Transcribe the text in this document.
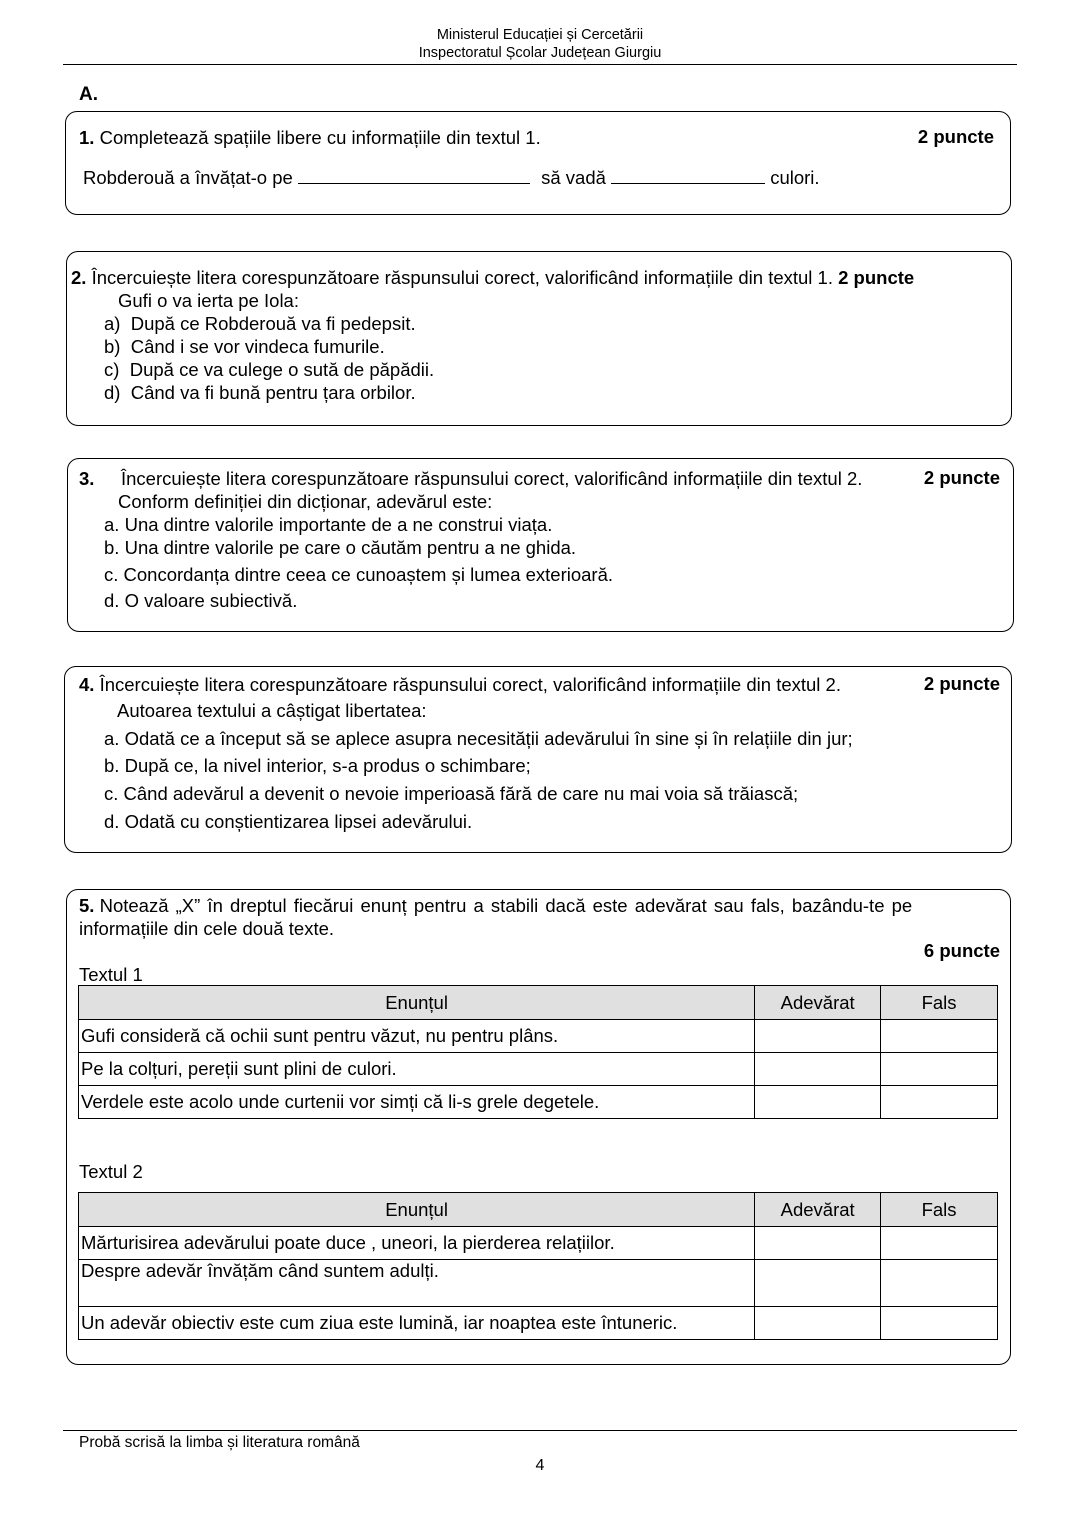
Ministerul Educației și Cercetării
Inspectoratul Școlar Județean Giurgiu
A.
1. Completează spațiile libere cu informațiile din textul 1.	2 puncte
Robderouă a învățat-o pe	să vadă	culori.
2. Încercuiește litera corespunzătoare răspunsului corect, valorificând informațiile din textul 1. 2 puncte
Gufi o va ierta pe Iola:
a) După ce Robderouă va fi pedepsit.
b) Când i se vor vindeca fumurile.
c) După ce va culege o sută de păpădii.
d) Când va fi bună pentru țara orbilor.
3. Încercuiește litera corespunzătoare răspunsului corect, valorificând informațiile din textul 2.	2 puncte
Conform definiției din dicționar, adevărul este:
a. Una dintre valorile importante de a ne construi viața.
b. Una dintre valorile pe care o căutăm pentru a ne ghida.
c. Concordanța dintre ceea ce cunoaștem și lumea exterioară.
d. O valoare subiectivă.
4. Încercuiește litera corespunzătoare răspunsului corect, valorificând informațiile din textul 2.	2 puncte
Autoarea textului a câștigat libertatea:
a. Odată ce a început să se aplece asupra necesității adevărului în sine și în relațiile din jur;
b. După ce, la nivel interior, s-a produs o schimbare;
c. Când adevărul a devenit o nevoie imperioasă fără de care nu mai voia să trăiască;
d. Odată cu conștientizarea lipsei adevărului.
5. Notează „X” în dreptul fiecărui enunț pentru a stabili dacă este adevărat sau fals, bazându-te pe
informațiile din cele două texte.
6 puncte
Textul 1
Enunțul	Adevărat	Fals
Gufi consideră că ochii sunt pentru văzut, nu pentru plâns.		
Pe la colțuri, pereții sunt plini de culori.		
Verdele este acolo unde curtenii vor simți că li-s grele degetele.		
Textul 2
Enunțul	Adevărat	Fals
Mărturisirea adevărului poate duce , uneori, la pierderea relațiilor.		
Despre adevăr învățăm când suntem adulți.		
Un adevăr obiectiv este cum ziua este lumină, iar noaptea este întuneric.		
Probă scrisă la limba și literatura română
4
